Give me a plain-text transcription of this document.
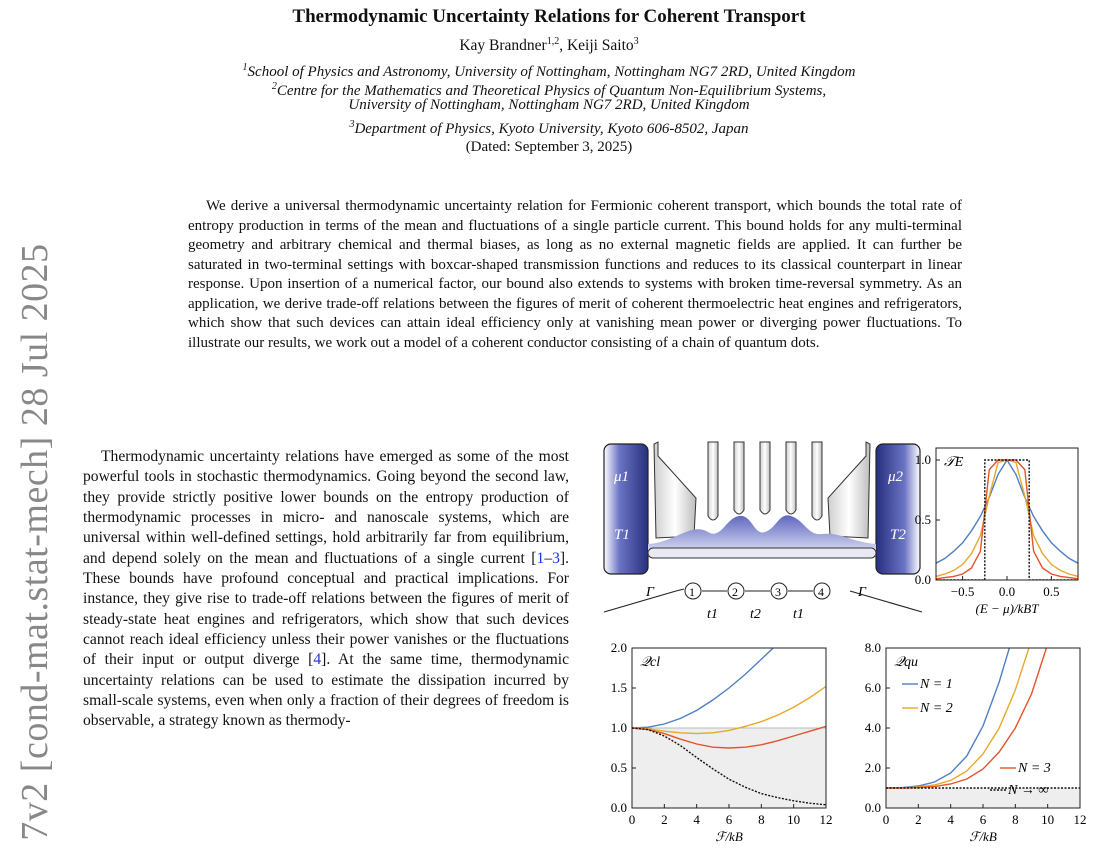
7v2 [cond-mat.stat-mech] 28 Jul 2025
Thermodynamic Uncertainty Relations for Coherent Transport
Kay Brandner$^{1,2}$, Keiji Saito$^3$
$^1$School of Physics and Astronomy, University of Nottingham, Nottingham NG7 2RD, United Kingdom
$^2$Centre for the Mathematics and Theoretical Physics of Quantum Non-Equilibrium Systems,
University of Nottingham, Nottingham NG7 2RD, United Kingdom
$^3$Department of Physics, Kyoto University, Kyoto 606-8502, Japan
(Dated: September 3, 2025)
We derive a universal thermodynamic uncertainty relation for Fermionic coherent transport, which bounds the total rate of entropy production in terms of the mean and fluctuations of a single particle current. This bound holds for any multi-terminal geometry and arbitrary chemical and thermal biases, as long as no external magnetic fields are applied. It can further be saturated in two-terminal settings with boxcar-shaped transmission functions and reduces to its classical counterpart in linear response. Upon insertion of a numerical factor, our bound also extends to systems with broken time-reversal symmetry. As an application, we derive trade-off relations between the figures of merit of coherent thermoelectric heat engines and refrigerators, which show that such devices can attain ideal efficiency only at vanishing mean power or diverging power fluctuations. To illustrate our results, we work out a model of a coherent conductor consisting of a chain of quantum dots.
Thermodynamic uncertainty relations have emerged as some of the most powerful tools in stochastic thermodynamics. Going beyond the second law, they provide strictly positive lower bounds on the entropy production of thermodynamic processes in micro- and nanoscale systems, which are universal within well-defined settings, hold arbitrarily far from equilibrium, and depend solely on the mean and fluctuations of a single current [1–3]. These bounds have profound conceptual and practical implications. For instance, they give rise to trade-off relations between the figures of merit of steady-state heat engines and refrigerators, which show that such devices cannot reach ideal efficiency unless their power vanishes or the fluctuations of their input or output diverge [4]. At the same time, thermodynamic uncertainty relations can be used to estimate the dissipation incurred by small-scale systems, even when only a fraction of their degrees of freedom is observable, a strategy known as thermody-
μ1
T1
μ2
T2
Γ	Γ
1	2	3	4
t1 t2 t1
−0.5 0.0 0.5
0.0
0.5
1.0 𝒯E
(E − μ)/kBT
0 2 4 6 8 10 12
0.0
0.5
1.0
1.5
2.0
𝒬cl
ℱ/kB
0 2 4 6 8 10 12
0.0
2.0
4.0
6.0
8.0
𝒬qu
ℱ/kB
N = 1
N = 2
N = 3
N → ∞
